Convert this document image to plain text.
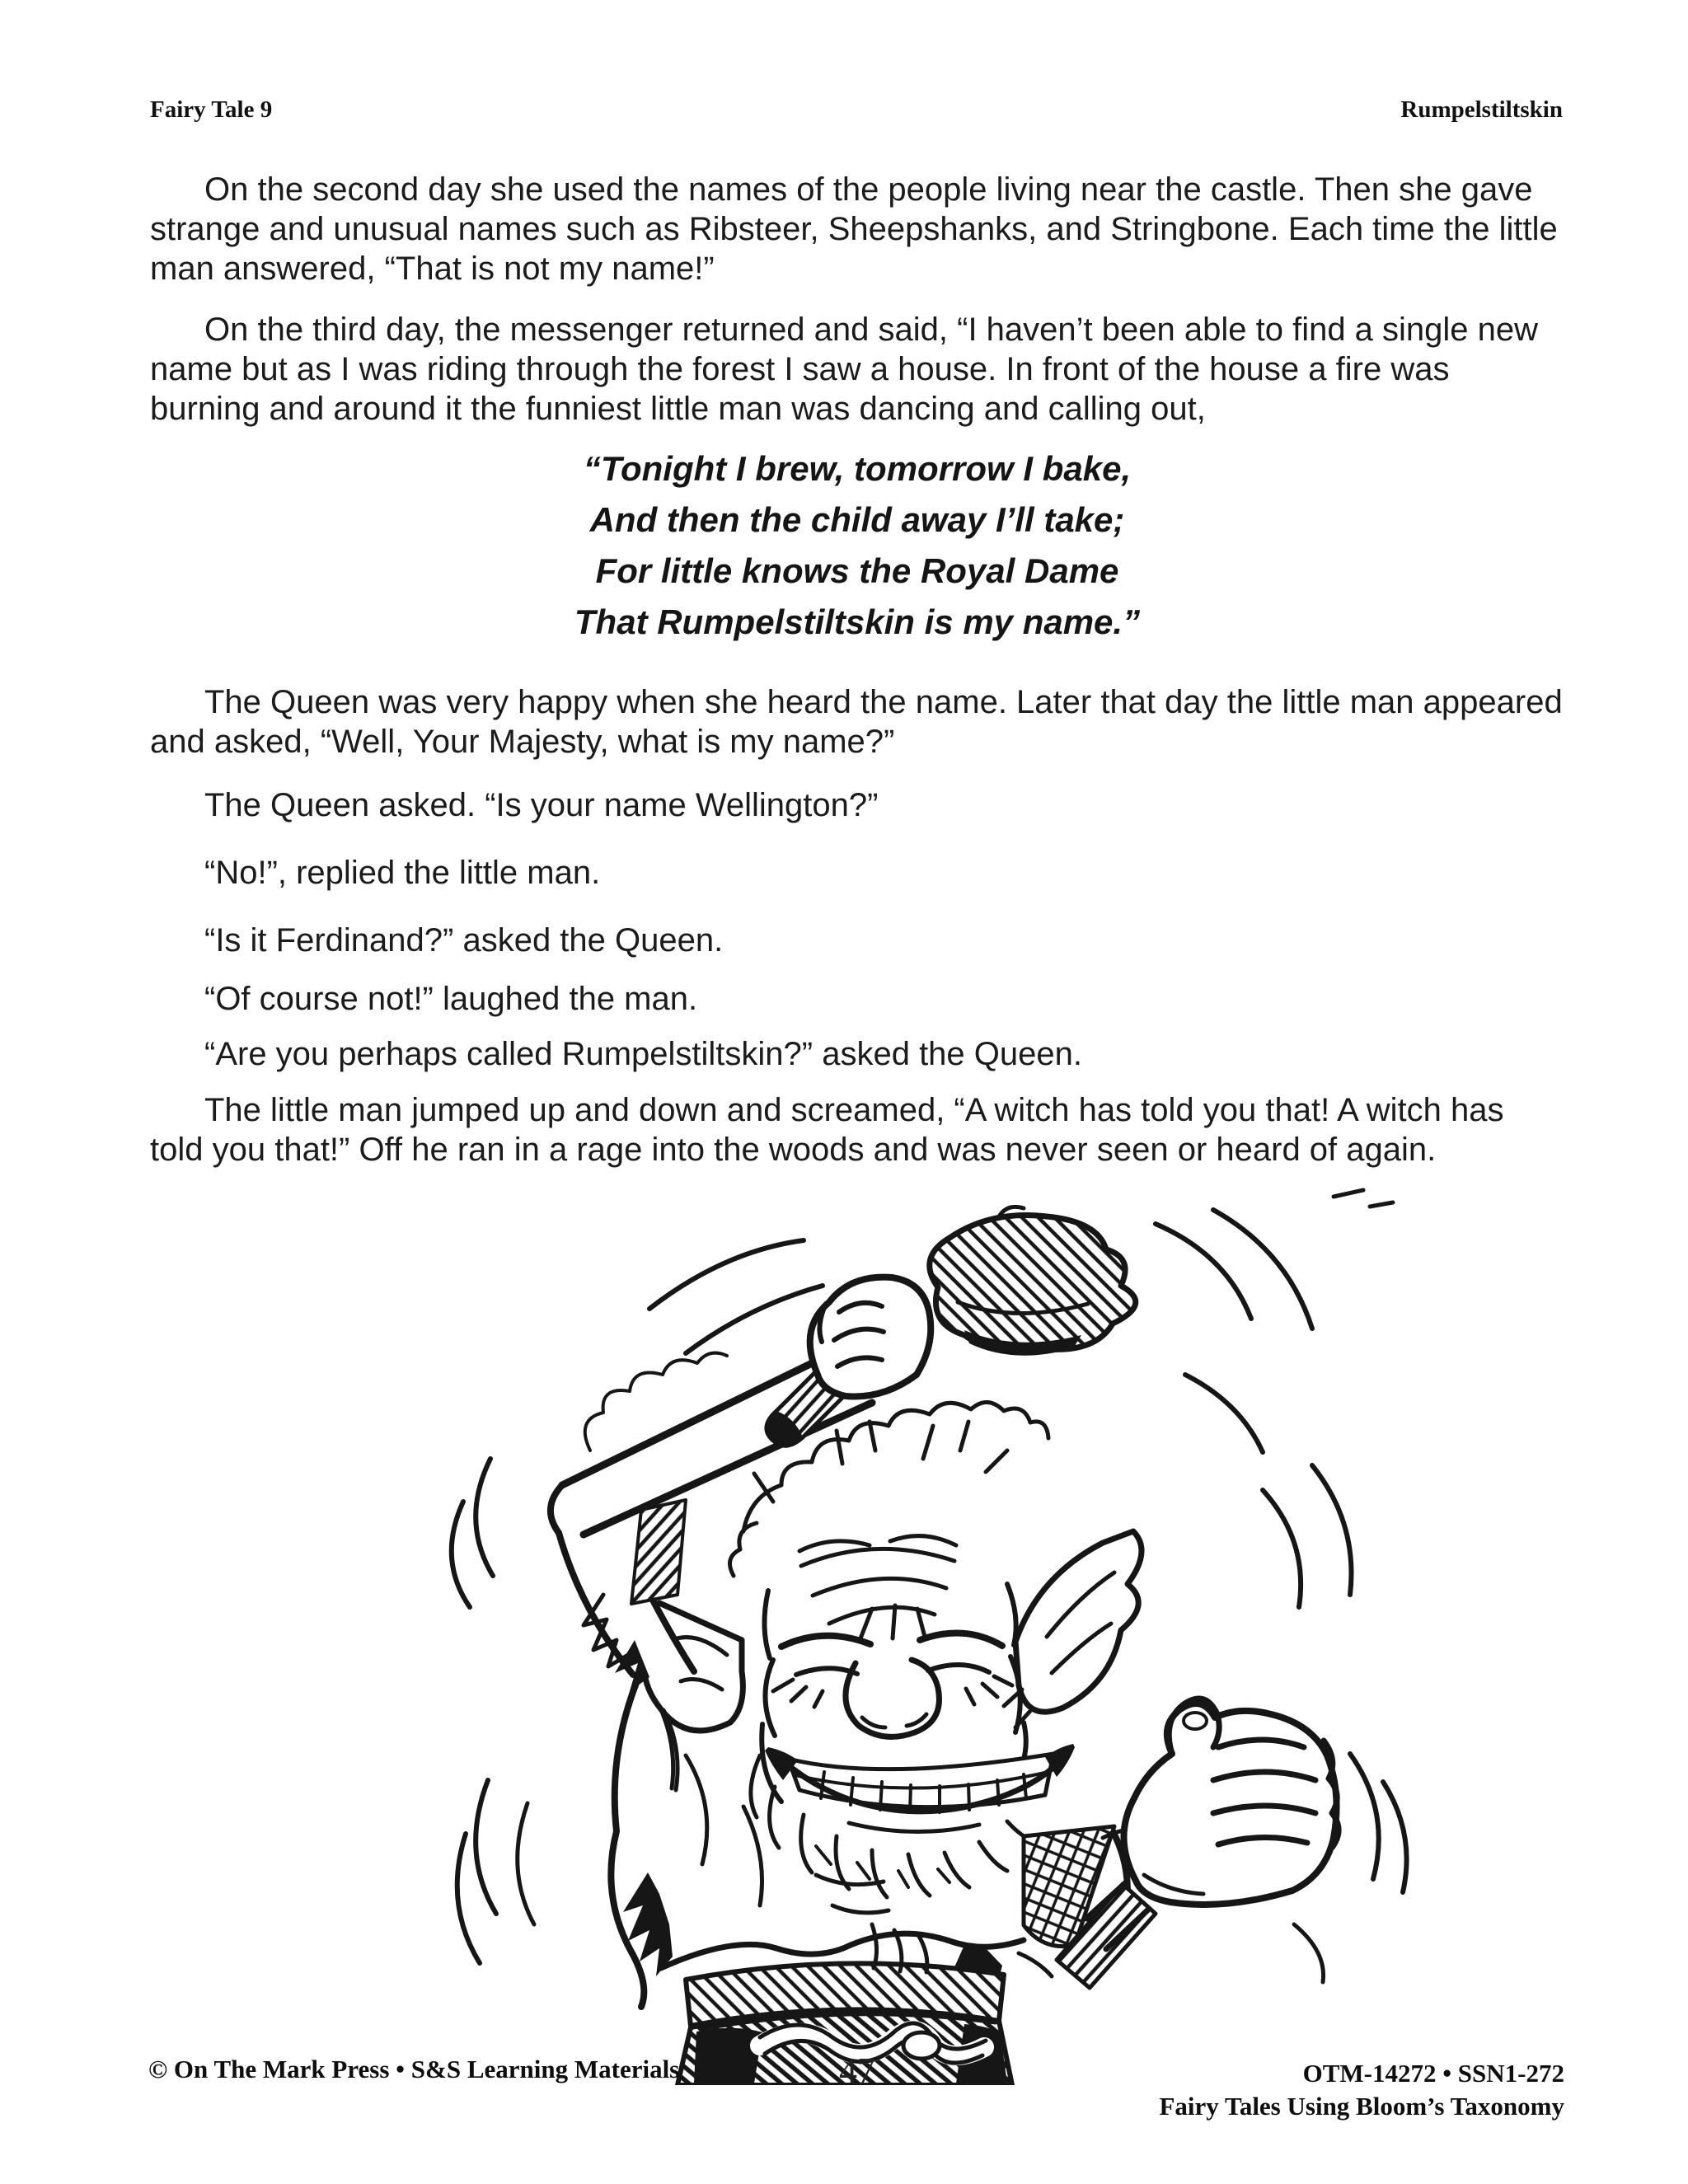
Fairy Tale 9	Rumpelstiltskin
On the second day she used the names of the people living near the castle. Then she gave strange and unusual names such as Ribsteer, Sheepshanks, and Stringbone. Each time the little man answered, “That is not my name!”
On the third day, the messenger returned and said, “I haven’t been able to find a single new name but as I was riding through the forest I saw a house. In front of the house a fire was burning and around it the funniest little man was dancing and calling out,
“Tonight I brew, tomorrow I bake,
And then the child away I’ll take;
For little knows the Royal Dame
That Rumpelstiltskin is my name.”
The Queen was very happy when she heard the name. Later that day the little man appeared and asked, “Well, Your Majesty, what is my name?”
The Queen asked. “Is your name Wellington?”
“No!”, replied the little man.
“Is it Ferdinand?” asked the Queen.
“Of course not!” laughed the man.
“Are you perhaps called Rumpelstiltskin?” asked the Queen.
The little man jumped up and down and screamed, “A witch has told you that! A witch has told you that!” Off he ran in a rage into the woods and was never seen or heard of again.
© On The Mark Press • S&S Learning Materials	47	OTM-14272 • SSN1-272
Fairy Tales Using Bloom’s Taxonomy
